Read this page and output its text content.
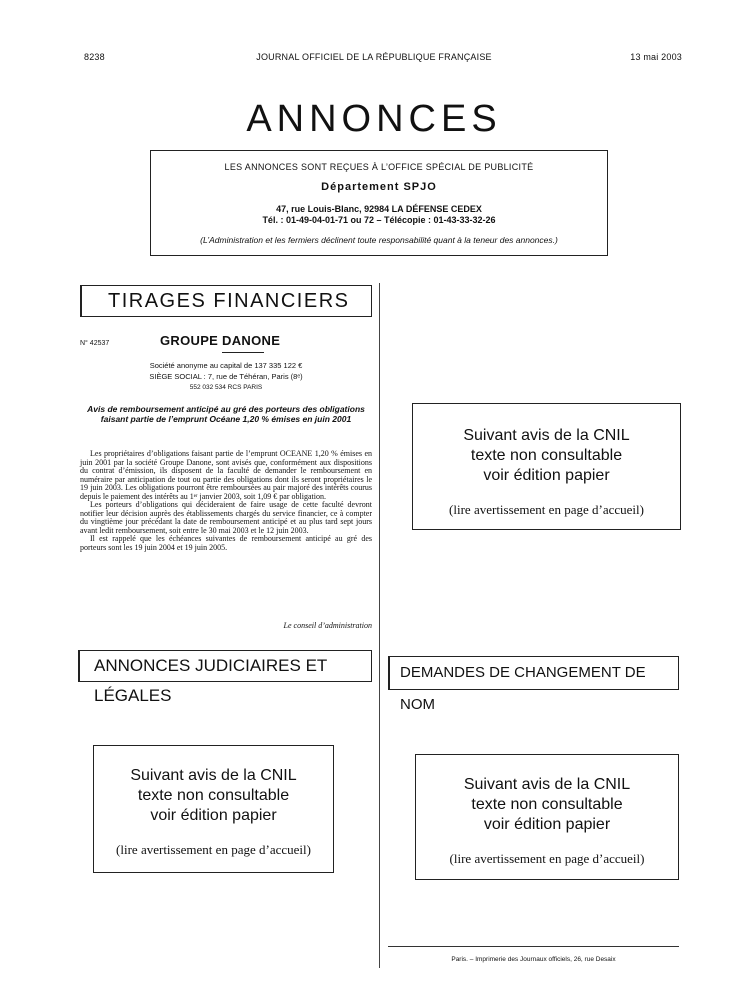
8238	JOURNAL OFFICIEL DE LA RÉPUBLIQUE FRANÇAISE	13 mai 2003
ANNONCES
LES ANNONCES SONT REÇUES À L’OFFICE SPÉCIAL DE PUBLICITÉ
Département SPJO
47, rue Louis-Blanc, 92984 LA DÉFENSE CEDEX
Tél. : 01-49-04-01-71 ou 72 – Télécopie : 01-43-33-32-26
(L’Administration et les fermiers déclinent toute responsabilité quant à la teneur des annonces.)
TIRAGES FINANCIERS
N° 42537	GROUPE DANONE
Société anonyme au capital de 137 335 122 €
SIÈGE SOCIAL : 7, rue de Téhéran, Paris (8ᵉ)
552 032 534 RCS PARIS
Avis de remboursement anticipé au gré des porteurs des obligations faisant partie de l’emprunt Océane 1,20 % émises en juin 2001

Les propriétaires d’obligations faisant partie de l’emprunt OCEANE 1,20 % émises en juin 2001 par la société Groupe Danone, sont avisés que, conformément aux dispositions du contrat d’émission, ils disposent de la faculté de demander le remboursement en numéraire par anticipation de tout ou partie des obligations dont ils seront propriétaires le 19 juin 2003. Les obligations pourront être remboursées au pair majoré des intérêts courus depuis le paiement des intérêts au 1ᵉʳ janvier 2003, soit 1,09 € par obligation.

Les porteurs d’obligations qui décideraient de faire usage de cette faculté devront notifier leur décision auprès des établissements chargés du service financier, ce à compter du vingtième jour précédant la date de remboursement anticipé et au plus tard sept jours avant ledit remboursement, soit entre le 30 mai 2003 et le 12 juin 2003.

Il est rappelé que les échéances suivantes de remboursement anticipé au gré des porteurs sont les 19 juin 2004 et 19 juin 2005.

Le conseil d’administration
ANNONCES JUDICIAIRES ET LÉGALES
DEMANDES DE CHANGEMENT DE NOM
Suivant avis de la CNIL
texte non consultable
voir édition papier
(lire avertissement en page d’accueil)
Suivant avis de la CNIL
texte non consultable
voir édition papier
(lire avertissement en page d’accueil)
Suivant avis de la CNIL
texte non consultable
voir édition papier
(lire avertissement en page d’accueil)
Paris. – Imprimerie des Journaux officiels, 26, rue Desaix
